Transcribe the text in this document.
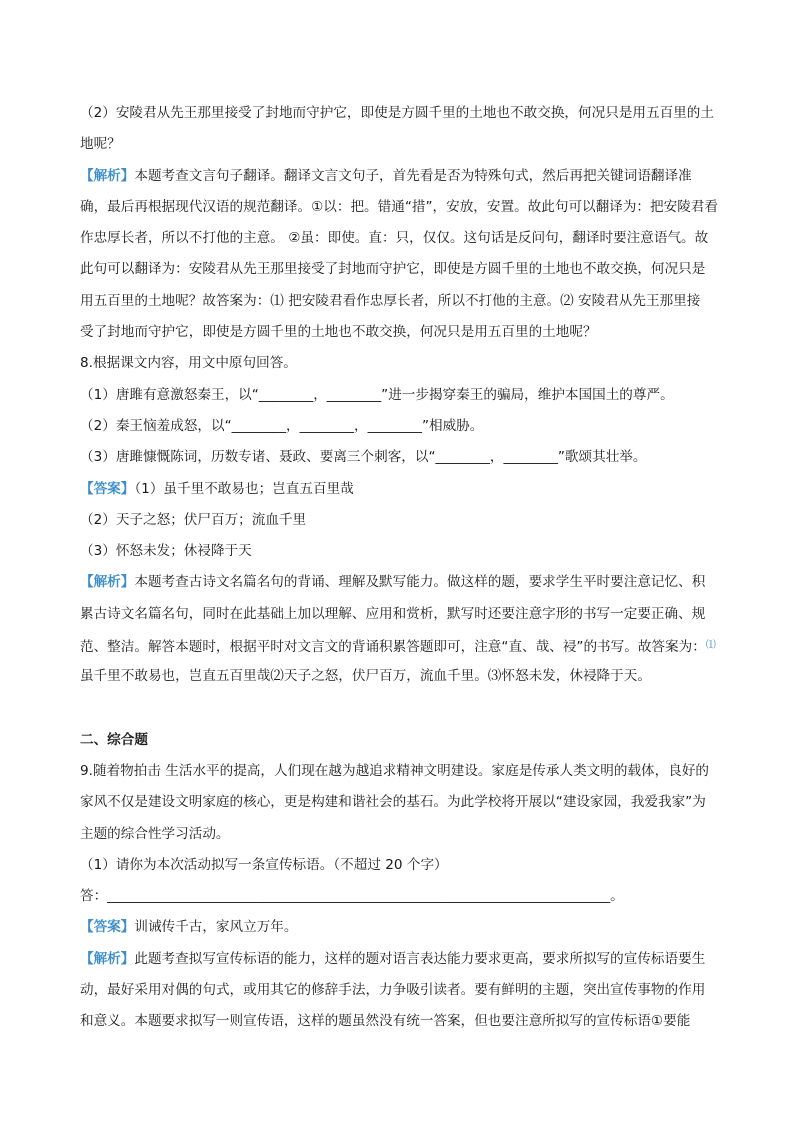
（2）安陵君从先王那里接受了封地而守护它，即使是方圆千里的土地也不敢交换，何况只是用五百里的土
地呢？
【解析】本题考查文言句子翻译。翻译文言文句子，首先看是否为特殊句式，然后再把关键词语翻译准
确，最后再根据现代汉语的规范翻译。①以：把。错通“措”，安放，安置。故此句可以翻译为：把安陵君看
作忠厚长者，所以不打他的主意。 ②虽：即使。直：只，仅仅。这句话是反问句，翻译时要注意语气。故
此句可以翻译为：安陵君从先王那里接受了封地而守护它，即使是方圆千里的土地也不敢交换，何况只是
用五百里的土地呢？故答案为：⑴ 把安陵君看作忠厚长者，所以不打他的主意。⑵ 安陵君从先王那里接
受了封地而守护它，即使是方圆千里的土地也不敢交换，何况只是用五百里的土地呢？
8.根据课文内容，用文中原句回答。
（1）唐雎有意激怒秦王，以“________，________”进一步揭穿秦王的骗局，维护本国国土的尊严。
（2）秦王恼羞成怒，以“________，________，________”相威胁。
（3）唐雎慷慨陈词，历数专诸、聂政、要离三个刺客，以“________，________”歌颂其壮举。
【答案】（1）虽千里不敢易也；岂直五百里哉
（2）天子之怒；伏尸百万；流血千里
（3）怀怒未发；休祲降于天
【解析】本题考查古诗文名篇名句的背诵、理解及默写能力。做这样的题，要求学生平时要注意记忆、积
累古诗文名篇名句，同时在此基础上加以理解、应用和赏析，默写时还要注意字形的书写一定要正确、规
范、整洁。解答本题时，根据平时对文言文的背诵积累答题即可，注意“直、哉、祲”的书写。故答案为：⑴
虽千里不敢易也，岂直五百里哉⑵天子之怒，伏尸百万，流血千里。⑶怀怒未发，休祲降于天。
二、综合题
9.随着物拍击 生活水平的提高，人们现在越为越追求精神文明建设。家庭是传承人类文明的载体，良好的
家风不仅是建设文明家庭的核心，更是构建和谐社会的基石。为此学校将开展以“建设家园，我爱我家”为
主题的综合性学习活动。
（1）请你为本次活动拟写一条宣传标语。（不超过 20 个字）
答：__________________________________________________________________________。
【答案】训诫传千古，家风立万年。
【解析】此题考查拟写宣传标语的能力，这样的题对语言表达能力要求更高，要求所拟写的宣传标语要生
动，最好采用对偶的句式，或用其它的修辞手法，力争吸引读者。要有鲜明的主题，突出宣传事物的作用
和意义。本题要求拟写一则宣传语，这样的题虽然没有统一答案，但也要注意所拟写的宣传标语①要能
